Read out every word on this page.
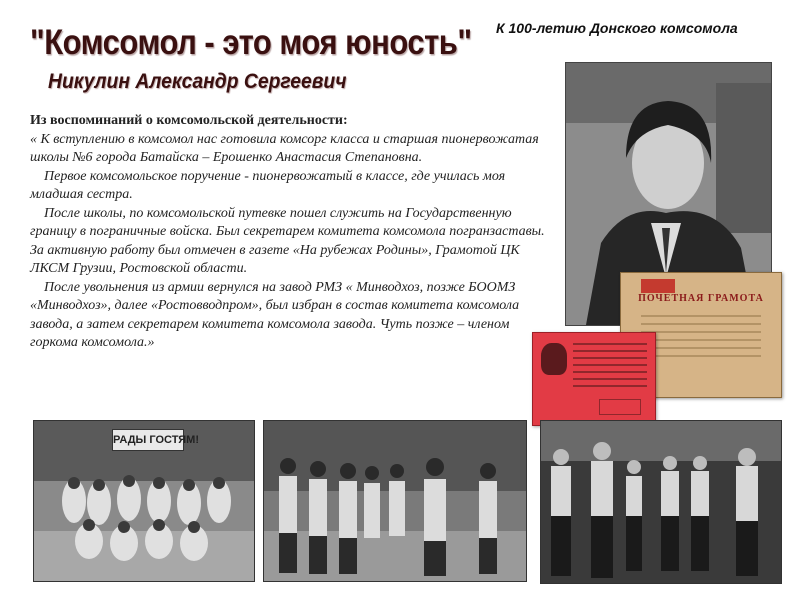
"Комсомол - это моя юность"
Никулин Александр Сергеевич
К 100-летию Донского комсомола
Из воспоминаний о комсомольской деятельности:
« К вступлению в комсомол нас готовила комсорг класса и старшая пионервожатая школы №6 города Батайска – Ерошенко Анастасия Степановна.
Первое комсомольское поручение - пионервожатый в классе, где училась моя младшая сестра.
После школы, по комсомольской путевке пошел служить на Государственную границу в пограничные войска. Был секретарем комитета комсомола погранзаставы. За активную работу был отмечен в газете «На рубежах Родины», Грамотой ЦК ЛКСМ Грузии, Ростовской области.
После увольнения из армии вернулся на завод РМЗ « Минводхоз, позже БООМЗ «Минводхоз», далее «Ростовводпром», был избран в состав комитета комсомола завода, а затем секретарем комитета комсомола завода. Чуть позже – членом горкома комсомола.»
ПОЧЕТНАЯ ГРАМОТА
РАДЫ ГОСТЯМ!
